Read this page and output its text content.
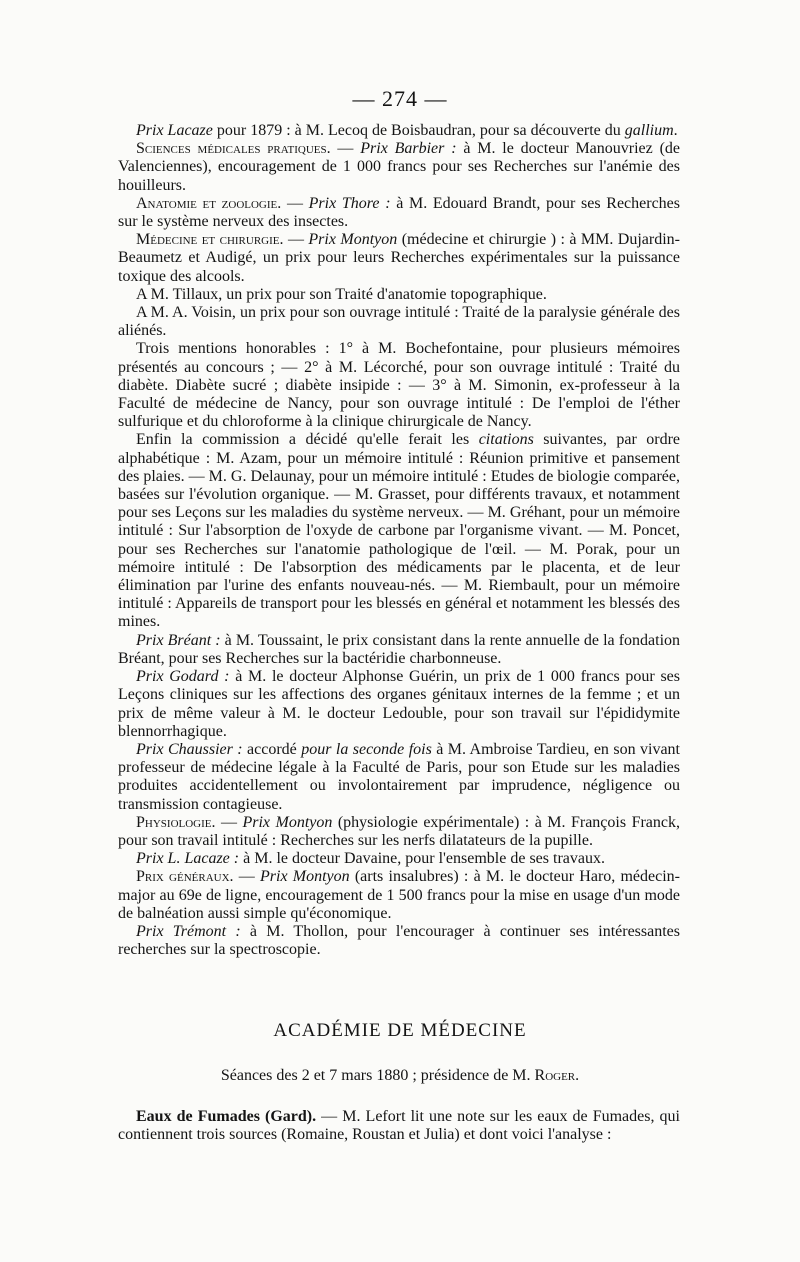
— 274 —

Prix Lacaze pour 1879 : à M. Lecoq de Boisbaudran, pour sa découverte du gallium.

Sciences médicales pratiques. — Prix Barbier : à M. le docteur Manouvriez (de Valenciennes), encouragement de 1 000 francs pour ses Recherches sur l'anémie des houilleurs.

Anatomie et zoologie. — Prix Thore : à M. Edouard Brandt, pour ses Recherches sur le système nerveux des insectes.

Médecine et chirurgie. — Prix Montyon (médecine et chirurgie ) : à MM. Dujardin-Beaumetz et Audigé, un prix pour leurs Recherches expérimentales sur la puissance toxique des alcools.

A M. Tillaux, un prix pour son Traité d'anatomie topographique.

A M. A. Voisin, un prix pour son ouvrage intitulé : Traité de la paralysie générale des aliénés.

Trois mentions honorables : 1° à M. Bochefontaine, pour plusieurs mémoires présentés au concours ; — 2° à M. Lécorché, pour son ouvrage intitulé : Traité du diabète. Diabète sucré ; diabète insipide : — 3° à M. Simonin, ex-professeur à la Faculté de médecine de Nancy, pour son ouvrage intitulé : De l'emploi de l'éther sulfurique et du chloroforme à la clinique chirurgicale de Nancy.

Enfin la commission a décidé qu'elle ferait les citations suivantes, par ordre alphabétique : M. Azam, pour un mémoire intitulé : Réunion primitive et pansement des plaies. — M. G. Delaunay, pour un mémoire intitulé : Etudes de biologie comparée, basées sur l'évolution organique. — M. Grasset, pour différents travaux, et notamment pour ses Leçons sur les maladies du système nerveux. — M. Gréhant, pour un mémoire intitulé : Sur l'absorption de l'oxyde de carbone par l'organisme vivant. — M. Poncet, pour ses Recherches sur l'anatomie pathologique de l'œil. — M. Porak, pour un mémoire intitulé : De l'absorption des médicaments par le placenta, et de leur élimination par l'urine des enfants nouveau-nés. — M. Riembault, pour un mémoire intitulé : Appareils de transport pour les blessés en général et notamment les blessés des mines.

Prix Bréant : à M. Toussaint, le prix consistant dans la rente annuelle de la fondation Bréant, pour ses Recherches sur la bactéridie charbonneuse.

Prix Godard : à M. le docteur Alphonse Guérin, un prix de 1 000 francs pour ses Leçons cliniques sur les affections des organes génitaux internes de la femme ; et un prix de même valeur à M. le docteur Ledouble, pour son travail sur l'épididymite blennorrhagique.

Prix Chaussier : accordé pour la seconde fois à M. Ambroise Tardieu, en son vivant professeur de médecine légale à la Faculté de Paris, pour son Etude sur les maladies produites accidentellement ou involontairement par imprudence, négligence ou transmission contagieuse.

Physiologie. — Prix Montyon (physiologie expérimentale) : à M. François Franck, pour son travail intitulé : Recherches sur les nerfs dilatateurs de la pupille.

Prix L. Lacaze : à M. le docteur Davaine, pour l'ensemble de ses travaux.

Prix généraux. — Prix Montyon (arts insalubres) : à M. le docteur Haro, médecin-major au 69e de ligne, encouragement de 1 500 francs pour la mise en usage d'un mode de balnéation aussi simple qu'économique.

Prix Trémont : à M. Thollon, pour l'encourager à continuer ses intéressantes recherches sur la spectroscopie.

ACADÉMIE DE MÉDECINE
Séances des 2 et 7 mars 1880 ; présidence de M. Roger.

Eaux de Fumades (Gard). — M. Lefort lit une note sur les eaux de Fumades, qui contiennent trois sources (Romaine, Roustan et Julia) et dont voici l'analyse :
